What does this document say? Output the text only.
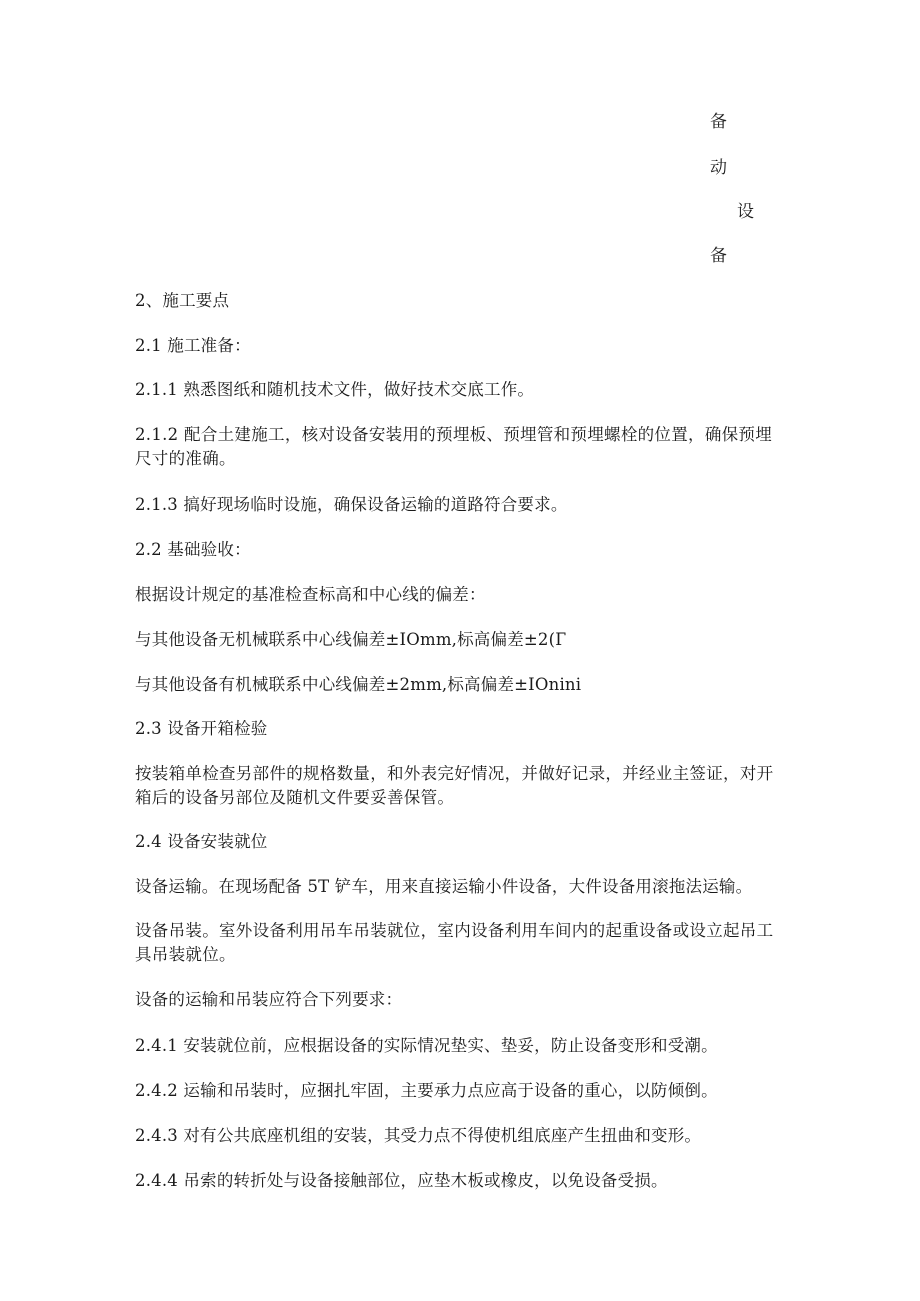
备
动
设
备
2、施工要点
2.1 施工准备：
2.1.1 熟悉图纸和随机技术文件，做好技术交底工作。
2.1.2 配合土建施工，核对设备安装用的预埋板、预埋管和预埋螺栓的位置，确保预埋尺寸的准确。
2.1.3 搞好现场临时设施，确保设备运输的道路符合要求。
2.2 基础验收：
根据设计规定的基准检查标高和中心线的偏差：
与其他设备无机械联系中心线偏差±IOmm,标高偏差±2(Г
与其他设备有机械联系中心线偏差±2mm,标高偏差±IOnini
2.3 设备开箱检验
按装箱单检查另部件的规格数量，和外表完好情况，并做好记录，并经业主签证，对开箱后的设备另部位及随机文件要妥善保管。
2.4 设备安装就位
设备运输。在现场配备 5T 铲车，用来直接运输小件设备，大件设备用滚拖法运输。
设备吊装。室外设备利用吊车吊装就位，室内设备利用车间内的起重设备或设立起吊工具吊装就位。
设备的运输和吊装应符合下列要求：
2.4.1 安装就位前，应根据设备的实际情况垫实、垫妥，防止设备变形和受潮。
2.4.2 运输和吊装时，应捆扎牢固，主要承力点应高于设备的重心，以防倾倒。
2.4.3 对有公共底座机组的安装，其受力点不得使机组底座产生扭曲和变形。
2.4.4 吊索的转折处与设备接触部位，应垫木板或橡皮，以免设备受损。
